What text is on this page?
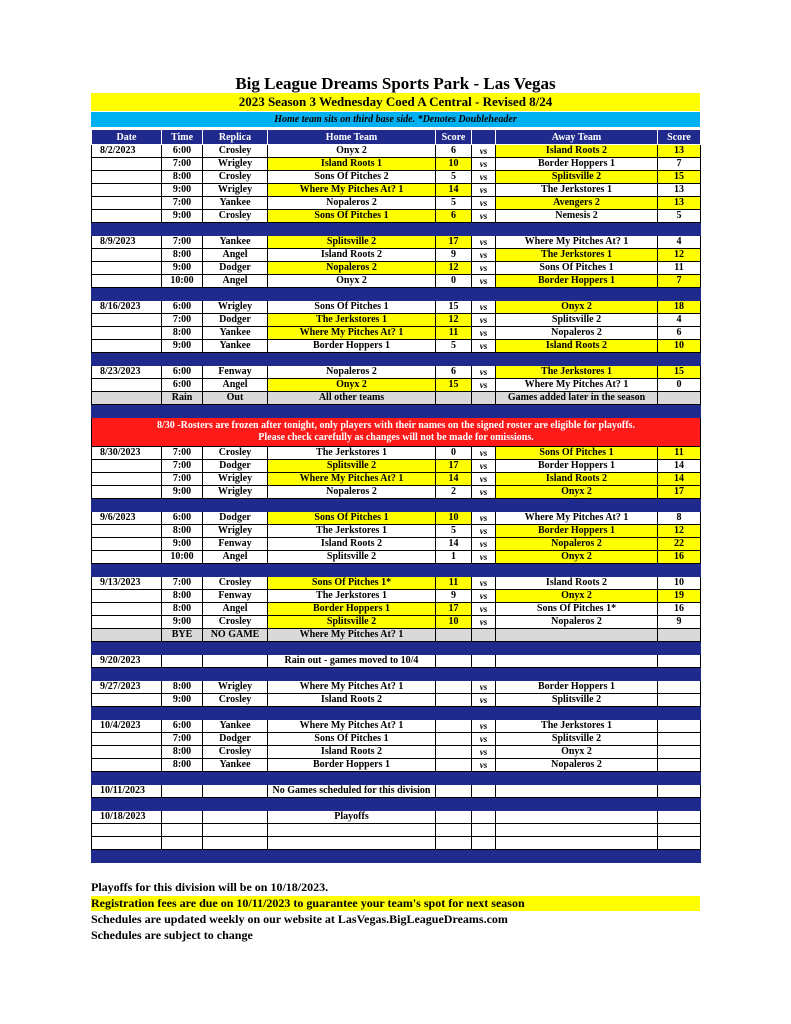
Big League Dreams Sports Park - Las Vegas
2023 Season 3 Wednesday Coed A Central - Revised 8/24
Home team sits on third base side. *Denotes Doubleheader
Date	Time	Replica	Home Team	Score		Away Team	Score
8/2/2023	6:00	Crosley	Onyx 2	6	vs	Island Roots 2	13
	7:00	Wrigley	Island Roots 1	10	vs	Border Hoppers 1	7
	8:00	Crosley	Sons Of Pitches 2	5	vs	Splitsville 2	15
	9:00	Wrigley	Where My Pitches At? 1	14	vs	The Jerkstores 1	13
	7:00	Yankee	Nopaleros 2	5	vs	Avengers 2	13
	9:00	Crosley	Sons Of Pitches 1	6	vs	Nemesis 2	5

8/9/2023	7:00	Yankee	Splitsville 2	17	vs	Where My Pitches At? 1	4
	8:00	Angel	Island Roots 2	9	vs	The Jerkstores 1	12
	9:00	Dodger	Nopaleros 2	12	vs	Sons Of Pitches 1	11
	10:00	Angel	Onyx 2	0	vs	Border Hoppers 1	7

8/16/2023	6:00	Wrigley	Sons Of Pitches 1	15	vs	Onyx 2	18
	7:00	Dodger	The Jerkstores 1	12	vs	Splitsville 2	4
	8:00	Yankee	Where My Pitches At? 1	11	vs	Nopaleros 2	6
	9:00	Yankee	Border Hoppers 1	5	vs	Island Roots 2	10

8/23/2023	6:00	Fenway	Nopaleros 2	6	vs	The Jerkstores 1	15
	6:00	Angel	Onyx 2	15	vs	Where My Pitches At? 1	0
	Rain	Out	All other teams			Games added later in the season	

8/30 -Rosters are frozen after tonight, only players with their names on the signed roster are eligible for playoffs.
Please check carefully as changes will not be made for omissions.							

8/30/2023	7:00	Crosley	The Jerkstores 1	0	vs	Sons Of Pitches 1	11
	7:00	Dodger	Splitsville 2	17	vs	Border Hoppers 1	14
	7:00	Wrigley	Where My Pitches At? 1	14	vs	Island Roots 2	14
	9:00	Wrigley	Nopaleros 2	2	vs	Onyx 2	17

9/6/2023	6:00	Dodger	Sons Of Pitches 1	10	vs	Where My Pitches At? 1	8
	8:00	Wrigley	The Jerkstores 1	5	vs	Border Hoppers 1	12
	9:00	Fenway	Island Roots 2	14	vs	Nopaleros 2	22
	10:00	Angel	Splitsville 2	1	vs	Onyx 2	16

9/13/2023	7:00	Crosley	Sons Of Pitches 1*	11	vs	Island Roots 2	10
	8:00	Fenway	The Jerkstores 1	9	vs	Onyx 2	19
	8:00	Angel	Border Hoppers 1	17	vs	Sons Of Pitches 1*	16
	9:00	Crosley	Splitsville 2	10	vs	Nopaleros 2	9
	BYE	NO GAME	Where My Pitches At? 1				

9/20/2023			Rain out - games moved to 10/4				

9/27/2023	8:00	Wrigley	Where My Pitches At? 1		vs	Border Hoppers 1	
	9:00	Crosley	Island Roots 2		vs	Splitsville 2	

10/4/2023	6:00	Yankee	Where My Pitches At? 1		vs	The Jerkstores 1	
	7:00	Dodger	Sons Of Pitches 1		vs	Splitsville 2	
	8:00	Crosley	Island Roots 2		vs	Onyx 2	
	8:00	Yankee	Border Hoppers 1		vs	Nopaleros 2	

10/11/2023			No Games scheduled for this division				

10/18/2023			Playoffs				

Playoffs for this division will be on 10/18/2023.
Registration fees are due on 10/11/2023 to guarantee your team's spot for next season
Schedules are updated weekly on our website at LasVegas.BigLeagueDreams.com
Schedules are subject to change
